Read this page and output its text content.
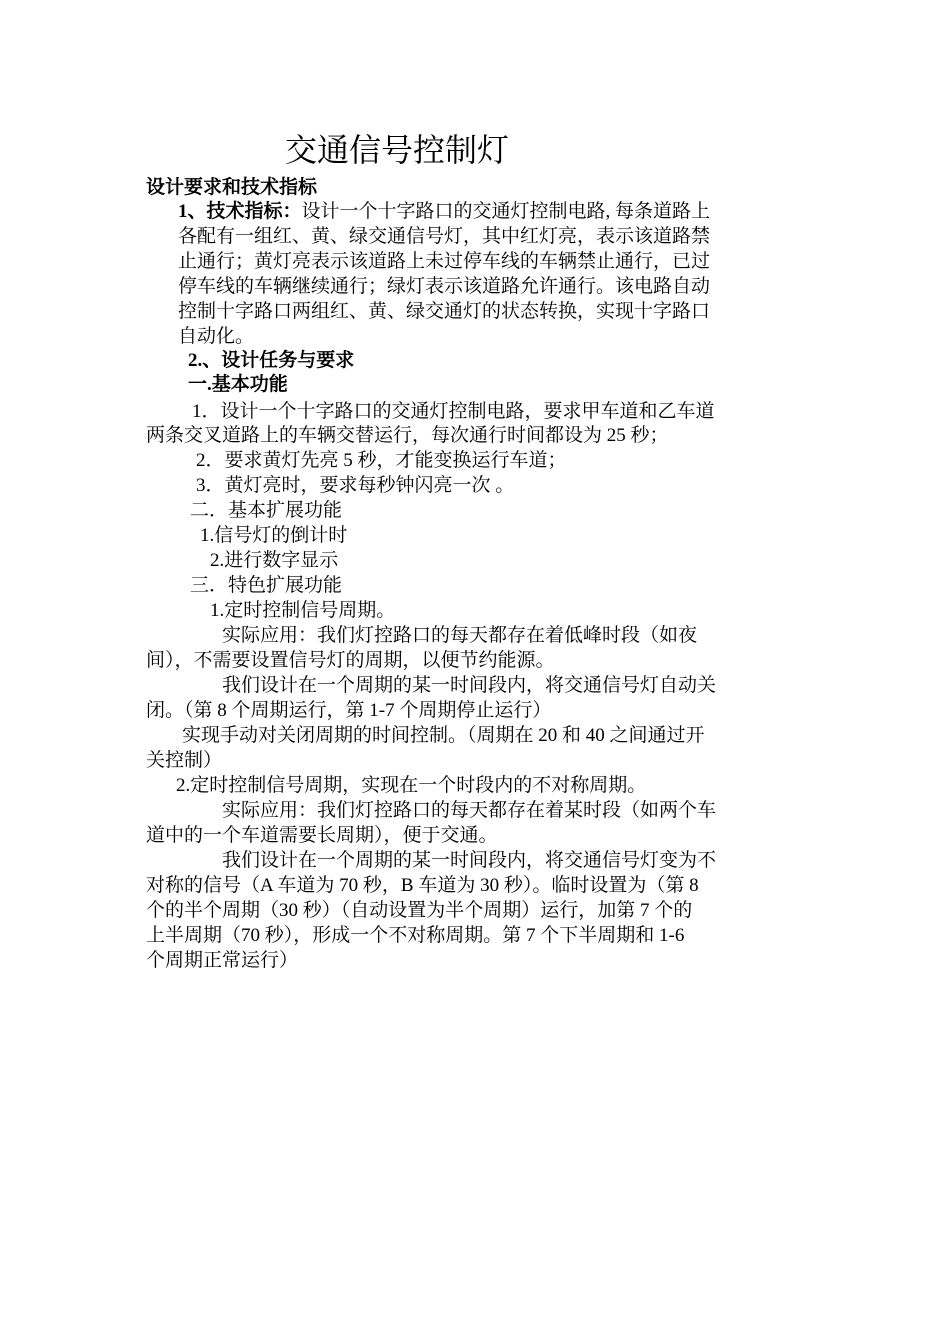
交通信号控制灯
设计要求和技术指标
1、技术指标：设计一个十字路口的交通灯控制电路, 每条道路上
各配有一组红、黄、绿交通信号灯，其中红灯亮，表示该道路禁
止通行；黄灯亮表示该道路上未过停车线的车辆禁止通行，已过
停车线的车辆继续通行；绿灯表示该道路允许通行。该电路自动
控制十字路口两组红、黄、绿交通灯的状态转换，实现十字路口
自动化。
2.、设计任务与要求
一.基本功能
1．设计一个十字路口的交通灯控制电路，要求甲车道和乙车道
两条交叉道路上的车辆交替运行，每次通行时间都设为 25 秒；
2．要求黄灯先亮 5 秒，才能变换运行车道；
3．黄灯亮时，要求每秒钟闪亮一次 。
二．基本扩展功能
1.信号灯的倒计时
2.进行数字显示
三．特色扩展功能
1.定时控制信号周期。
实际应用：我们灯控路口的每天都存在着低峰时段（如夜
间），不需要设置信号灯的周期，以便节约能源。
我们设计在一个周期的某一时间段内，将交通信号灯自动关
闭。（第 8 个周期运行，第 1-7 个周期停止运行）
实现手动对关闭周期的时间控制。（周期在 20 和 40 之间通过开
关控制）
2.定时控制信号周期，实现在一个时段内的不对称周期。
实际应用：我们灯控路口的每天都存在着某时段（如两个车
道中的一个车道需要长周期），便于交通。
我们设计在一个周期的某一时间段内，将交通信号灯变为不
对称的信号（A 车道为 70 秒，B 车道为 30 秒）。临时设置为（第 8
个的半个周期（30 秒）（自动设置为半个周期）运行，加第 7 个的
上半周期（70 秒），形成一个不对称周期。第 7 个下半周期和 1-6
个周期正常运行）
